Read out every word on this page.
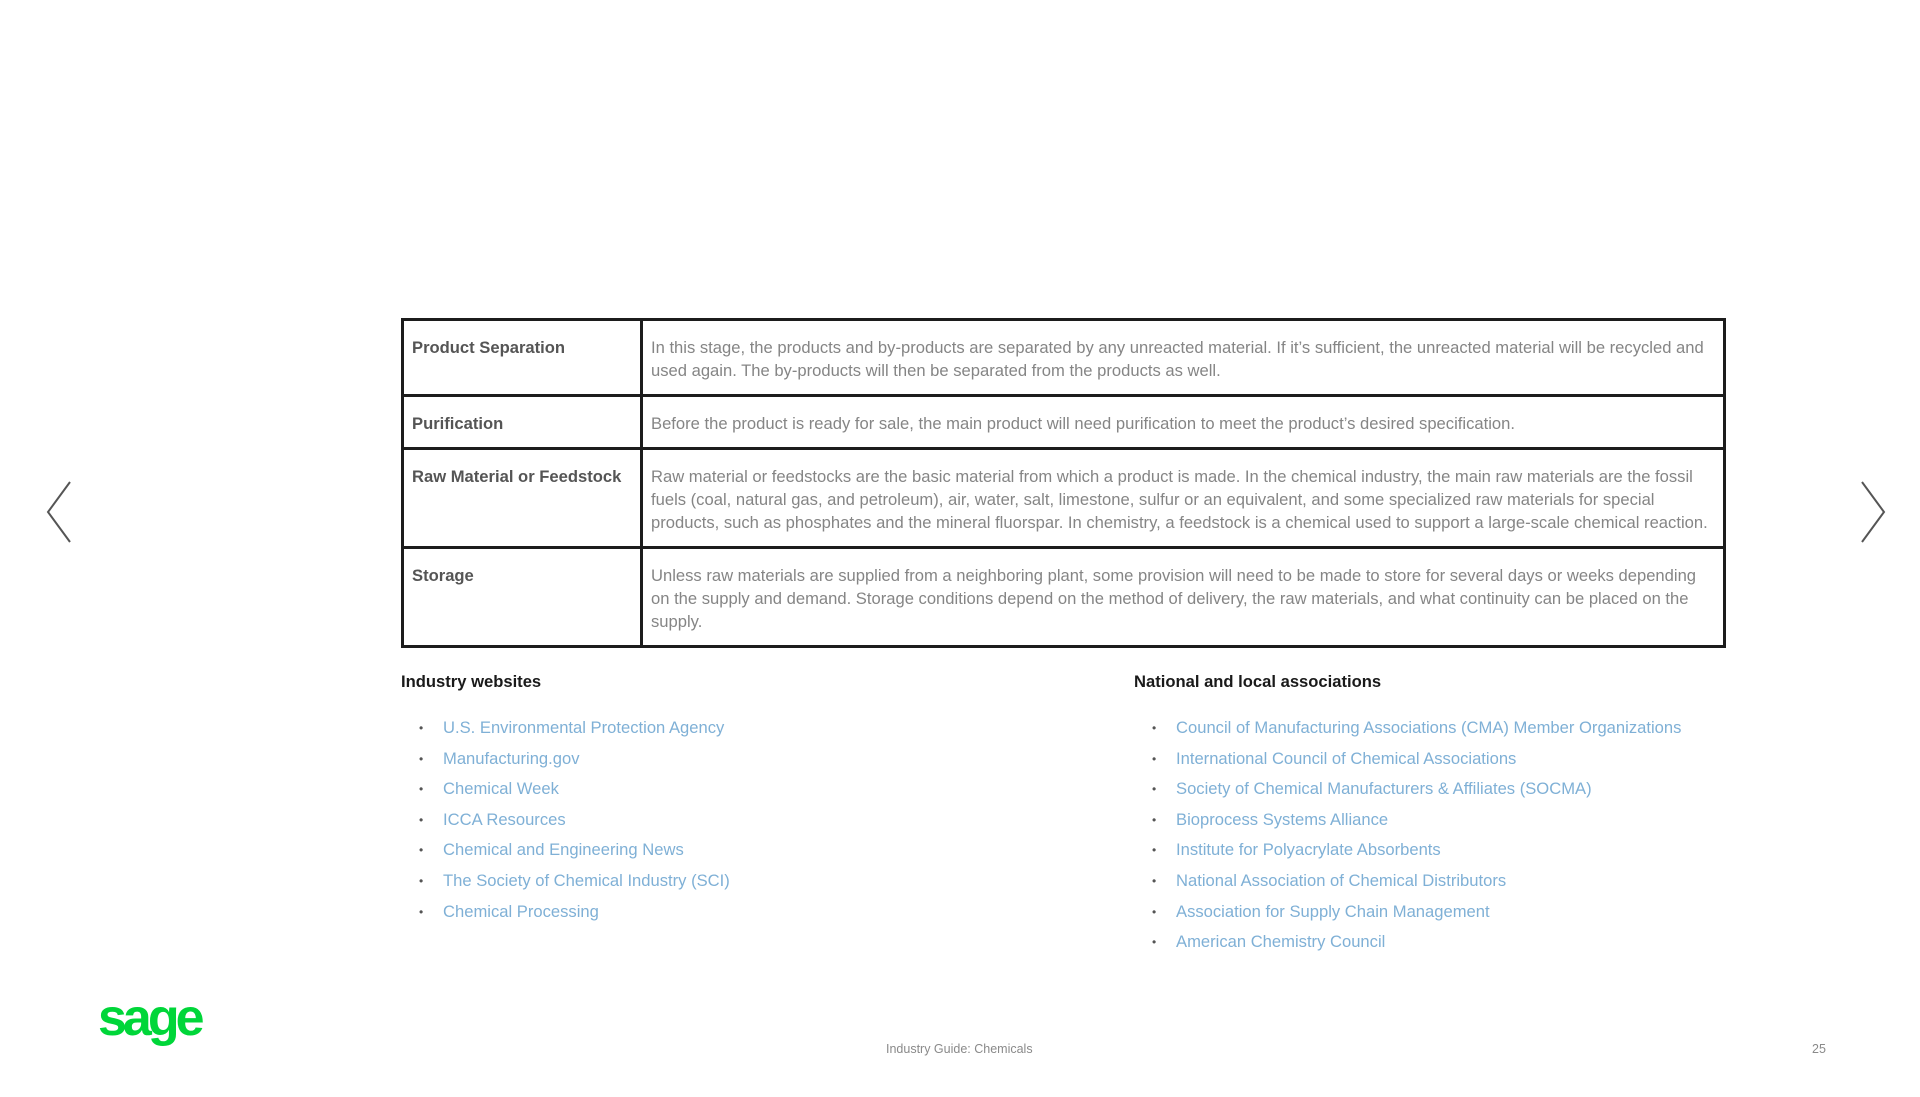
Product Separation	In this stage, the products and by-products are separated by any unreacted material. If it’s sufficient, the unreacted material will be recycled and used again. The by-products will then be separated from the products as well.
Purification	Before the product is ready for sale, the main product will need purification to meet the product’s desired specification.
Raw Material or Feedstock	Raw material or feedstocks are the basic material from which a product is made. In the chemical industry, the main raw materials are the fossil fuels (coal, natural gas, and petroleum), air, water, salt, limestone, sulfur or an equivalent, and some specialized raw materials for special products, such as phosphates and the mineral fluorspar. In chemistry, a feedstock is a chemical used to support a large-scale chemical reaction.
Storage	Unless raw materials are supplied from a neighboring plant, some provision will need to be made to store for several days or weeks depending on the supply and demand. Storage conditions depend on the method of delivery, the raw materials, and what continuity can be placed on the supply.
Industry websites
• U.S. Environmental Protection Agency
• Manufacturing.gov
• Chemical Week
• ICCA Resources
• Chemical and Engineering News
• The Society of Chemical Industry (SCI)
• Chemical Processing
National and local associations
• Council of Manufacturing Associations (CMA) Member Organizations
• International Council of Chemical Associations
• Society of Chemical Manufacturers & Affiliates (SOCMA)
• Bioprocess Systems Alliance
• Institute for Polyacrylate Absorbents
• National Association of Chemical Distributors
• Association for Supply Chain Management
• American Chemistry Council
sage
Industry Guide: Chemicals	25
